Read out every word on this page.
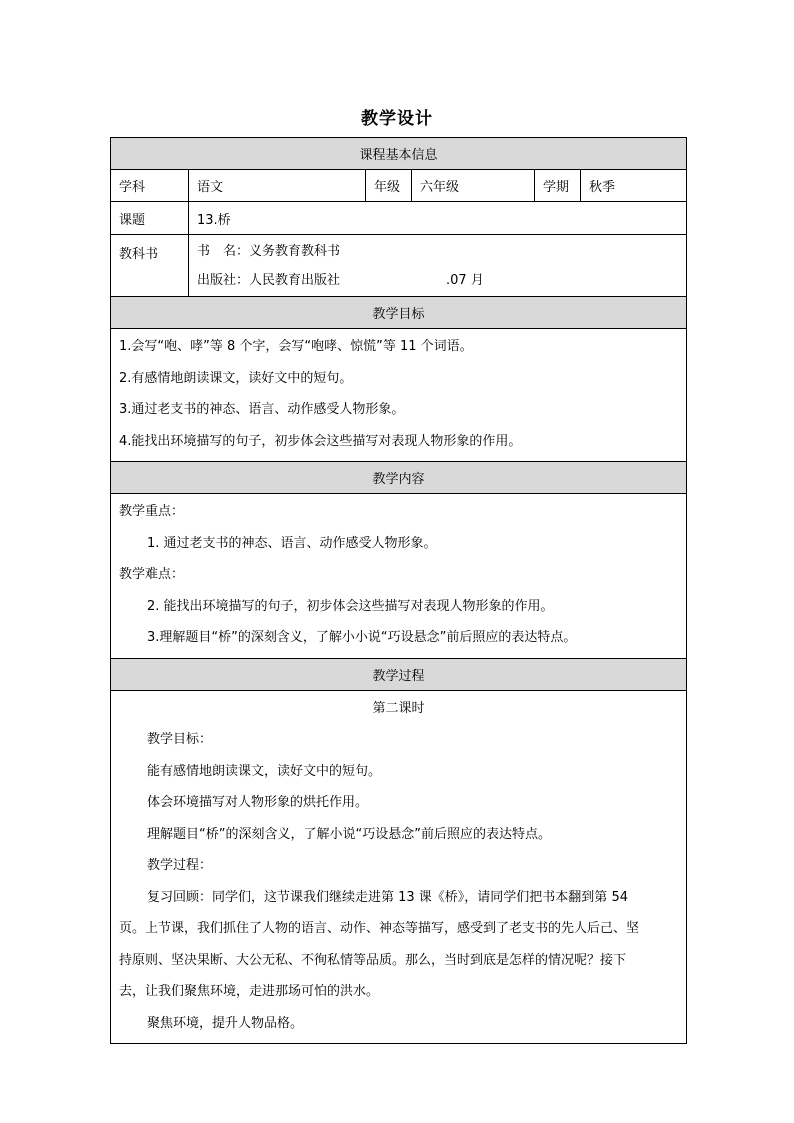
教学设计
课程基本信息
学科	语文	年级	六年级	学期	秋季
课题	13.桥
教科书	书　名：义务教育教科书
出版社：人民教育出版社	.07 月
教学目标
1.会写“咆、哮”等 8 个字，会写“咆哮、惊慌”等 11 个词语。
2.有感情地朗读课文，读好文中的短句。
3.通过老支书的神态、语言、动作感受人物形象。
4.能找出环境描写的句子，初步体会这些描写对表现人物形象的作用。
教学内容
教学重点：
1. 通过老支书的神态、语言、动作感受人物形象。
教学难点：
2. 能找出环境描写的句子，初步体会这些描写对表现人物形象的作用。
3.理解题目“桥”的深刻含义，了解小小说“巧设悬念”前后照应的表达特点。
教学过程
第二课时
教学目标：
能有感情地朗读课文，读好文中的短句。
体会环境描写对人物形象的烘托作用。
理解题目“桥”的深刻含义，了解小说“巧设悬念”前后照应的表达特点。
教学过程：
复习回顾：同学们，这节课我们继续走进第 13 课《桥》，请同学们把书本翻到第 54
页。上节课，我们抓住了人物的语言、动作、神态等描写，感受到了老支书的先人后己、坚
持原则、坚决果断、大公无私、不徇私情等品质。那么，当时到底是怎样的情况呢？接下
去，让我们聚焦环境，走进那场可怕的洪水。
聚焦环境，提升人物品格。
